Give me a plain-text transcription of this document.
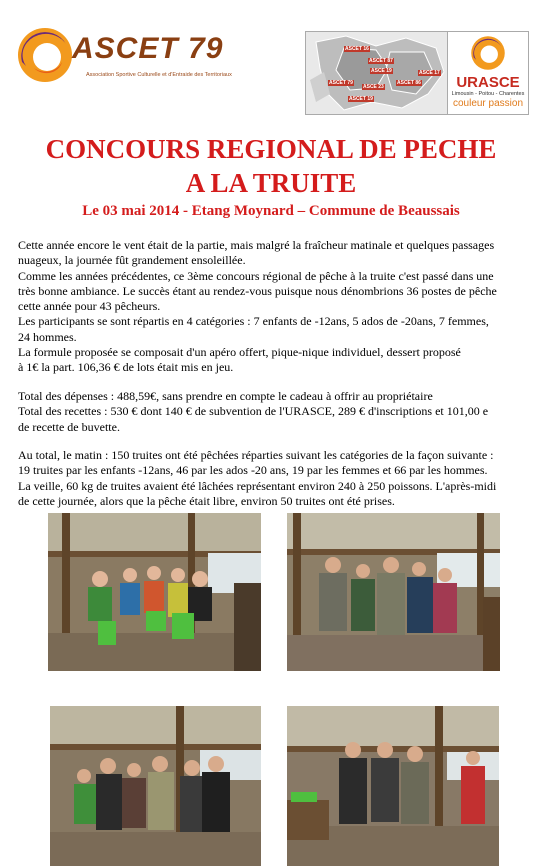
ASCET 79
Association Sportive Culturelle et d'Entraide des Territoriaux
ASCET 16
ASCET 87
ASCE 19
ASCET 79
ASCE 23
ASCET 86
ASCE 17
ASCET 19
URASCE
Limousin - Poitou - Charentes
couleur passion
CONCOURS REGIONAL DE PECHE
A LA TRUITE
Le 03 mai 2014 - Etang Moynard – Commune de Beaussais
Cette année encore le vent était de la partie, mais malgré la fraîcheur matinale et quelques passages
nuageux, la journée fût grandement ensoleillée.
Comme les années précédentes, ce 3ème concours régional de pêche à la truite c'est passé dans une
très bonne ambiance. Le succès étant au rendez-vous puisque nous dénombrions 36 postes de pêche
cette année pour 43 pêcheurs.
Les participants se sont répartis en 4 catégories : 7 enfants de -12ans, 5 ados de -20ans, 7 femmes,
24 hommes.
La formule proposée se composait d'un apéro offert, pique-nique individuel, dessert proposé
à 1€ la part. 106,36 € de lots était mis en jeu.
Total des dépenses : 488,59€, sans prendre en compte le cadeau à offrir au propriétaire
Total des recettes : 530 € dont 140 € de subvention de l'URASCE, 289 € d'inscriptions et 101,00 e
de recette de buvette.
Au total, le matin : 150 truites ont été pêchées réparties suivant les catégories de la façon suivante :
19 truites par les enfants -12ans, 46 par les ados -20 ans, 19 par les femmes et 66 par les hommes.
La veille, 60 kg de truites avaient été lâchées représentant environ 240 à 250 poissons. L'après-midi
de cette journée, alors que la pêche était libre, environ 50 truites ont été prises.
